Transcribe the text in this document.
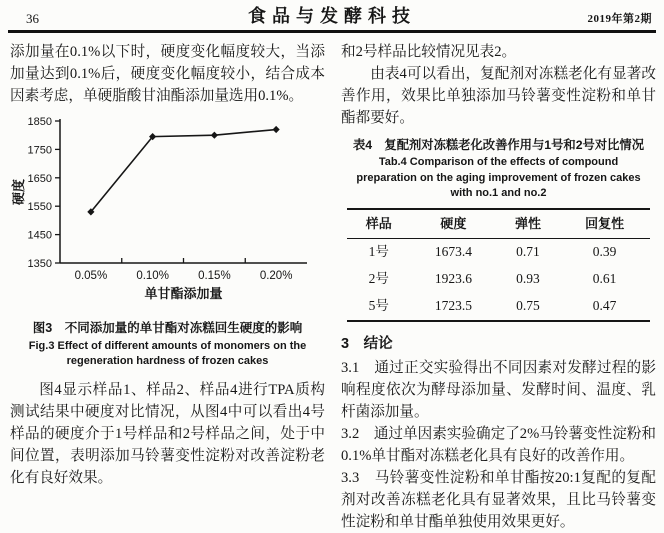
36	食品与发酵科技	2019年第2期

添加量在0.1%以下时，硬度变化幅度较大，当添加量达到0.1%后，硬度变化幅度较小，结合成本因素考虑，单硬脂酸甘油酯添加量选用0.1%。

1350
1450
1550
1650
1750
1850
0.05%	0.10%	0.15%	0.20%
单甘酯添加量
硬度
图3　不同添加量的单甘酯对冻糕回生硬度的影响
Fig.3 Effect of different amounts of monomers on the regeneration hardness of frozen cakes

图4显示样品1、样品2、样品4进行TPA质构测试结果中硬度对比情况，从图4中可以看出4号样品的硬度介于1号样品和2号样品之间，处于中间位置，表明添加马铃薯变性淀粉对改善淀粉老化有良好效果。

和2号样品比较情况见表2。

由表4可以看出，复配剂对冻糕老化有显著改善作用，效果比单独添加马铃薯变性淀粉和单甘酯都要好。

表4　复配剂对冻糕老化改善作用与1号和2号对比情况
Tab.4 Comparison of the effects of compound preparation on the aging improvement of frozen cakes with no.1 and no.2
样品	硬度	弹性	回复性
1号	1673.4	0.71	0.39
2号	1923.6	0.93	0.61
5号	1723.5	0.75	0.47

3　结论

3.1　通过正交实验得出不同因素对发酵过程的影响程度依次为酵母添加量、发酵时间、温度、乳杆菌添加量。

3.2　通过单因素实验确定了2%马铃薯变性淀粉和0.1%单甘酯对冻糕老化具有良好的改善作用。

3.3　马铃薯变性淀粉和单甘酯按20:1复配的复配剂对改善冻糕老化具有显著效果，且比马铃薯变性淀粉和单甘酯单独使用效果更好。
